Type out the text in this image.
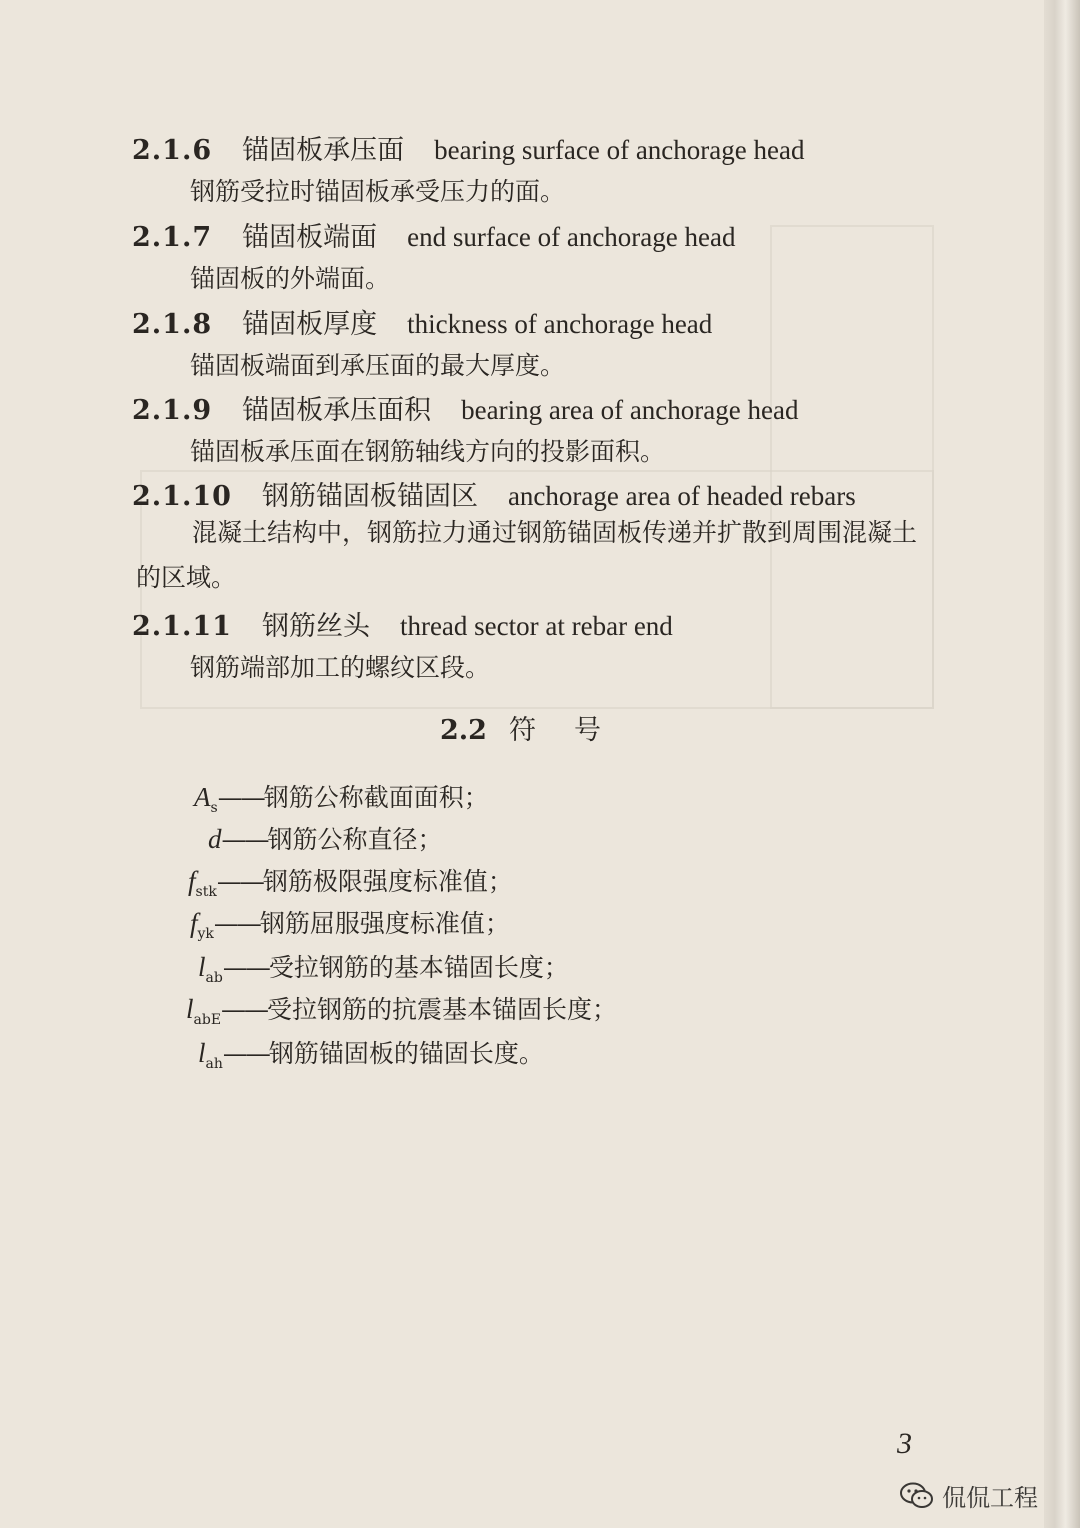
2.1.6 锚固板承压面 bearing surface of anchorage head
钢筋受拉时锚固板承受压力的面。
2.1.7 锚固板端面 end surface of anchorage head
锚固板的外端面。
2.1.8 锚固板厚度 thickness of anchorage head
锚固板端面到承压面的最大厚度。
2.1.9 锚固板承压面积 bearing area of anchorage head
锚固板承压面在钢筋轴线方向的投影面积。
2.1.10 钢筋锚固板锚固区 anchorage area of headed rebars
混凝土结构中，钢筋拉力通过钢筋锚固板传递并扩散到周围混凝土的区域。
2.1.11 钢筋丝头 thread sector at rebar end
钢筋端部加工的螺纹区段。
2.2 符号
$A_s——$钢筋公称截面面积；
d——钢筋公称直径；
$f_{stk}——$钢筋极限强度标准值；
$f_{yk}——$钢筋屈服强度标准值；
$l_{ab}——$受拉钢筋的基本锚固长度；
$l_{abE}——$受拉钢筋的抗震基本锚固长度；
$l_{ah}——$钢筋锚固板的锚固长度。
3
侃侃工程
